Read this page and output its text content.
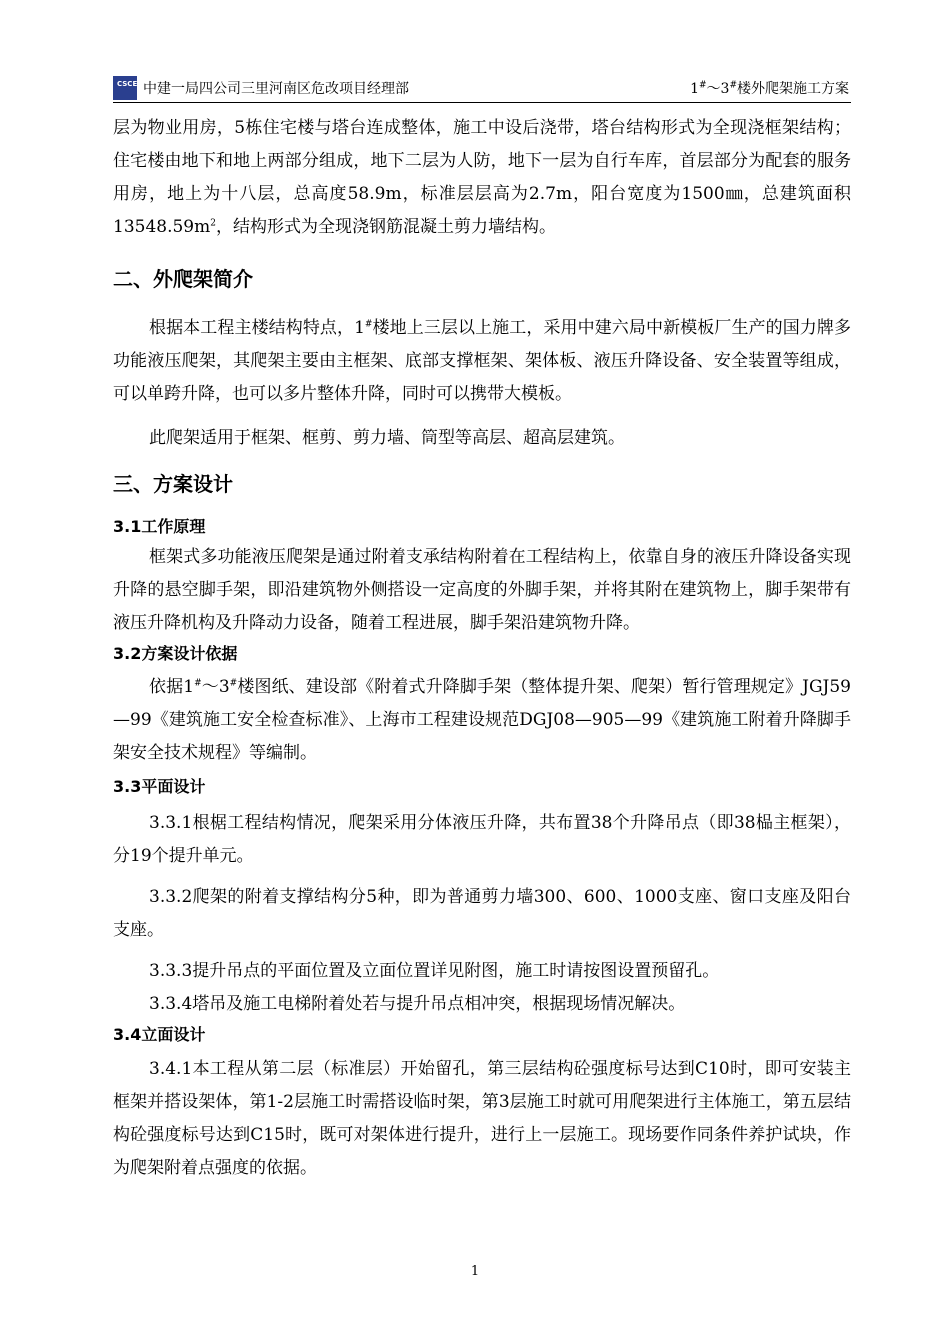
CSCEC 中建一局四公司三里河南区危改项目经理部	1#～3#楼外爬架施工方案

层为物业用房，5栋住宅楼与塔台连成整体，施工中设后浇带，塔台结构形式为全现浇框架结构；住宅楼由地下和地上两部分组成，地下二层为人防，地下一层为自行车库，首层部分为配套的服务用房，地上为十八层，总高度58.9m，标准层层高为2.7m，阳台宽度为1500㎜，总建筑面积$13548.59m^2$，结构形式为全现浇钢筋混凝土剪力墙结构。

二、外爬架简介

根据本工程主楼结构特点，1#楼地上三层以上施工，采用中建六局中新模板厂生产的国力牌多功能液压爬架，其爬架主要由主框架、底部支撑框架、架体板、液压升降设备、安全装置等组成，可以单跨升降，也可以多片整体升降，同时可以携带大模板。

此爬架适用于框架、框剪、剪力墙、筒型等高层、超高层建筑。

三、方案设计
3.1工作原理

框架式多功能液压爬架是通过附着支承结构附着在工程结构上，依靠自身的液压升降设备实现升降的悬空脚手架，即沿建筑物外侧搭设一定高度的外脚手架，并将其附在建筑物上，脚手架带有液压升降机构及升降动力设备，随着工程进展，脚手架沿建筑物升降。

3.2方案设计依据

依据1#～3#楼图纸、建设部《附着式升降脚手架（整体提升架、爬架）暂行管理规定》JGJ59—99《建筑施工安全检查标准》、上海市工程建设规范DGJ08—905—99《建筑施工附着升降脚手架安全技术规程》等编制。

3.3平面设计

3.3.1根椐工程结构情况，爬架采用分体液压升降，共布置38个升降吊点（即38榀主框架），分19个提升单元。

3.3.2爬架的附着支撑结构分5种，即为普通剪力墙300、600、1000支座、窗口支座及阳台支座。

3.3.3提升吊点的平面位置及立面位置详见附图，施工时请按图设置预留孔。

3.3.4塔吊及施工电梯附着处若与提升吊点相冲突，根据现场情况解决。

3.4立面设计

3.4.1本工程从第二层（标准层）开始留孔，第三层结构砼强度标号达到C10时，即可安装主框架并搭设架体，第1-2层施工时需搭设临时架，第3层施工时就可用爬架进行主体施工，第五层结构砼强度标号达到C15时，既可对架体进行提升，进行上一层施工。现场要作同条件养护试块，作为爬架附着点强度的依据。

1
